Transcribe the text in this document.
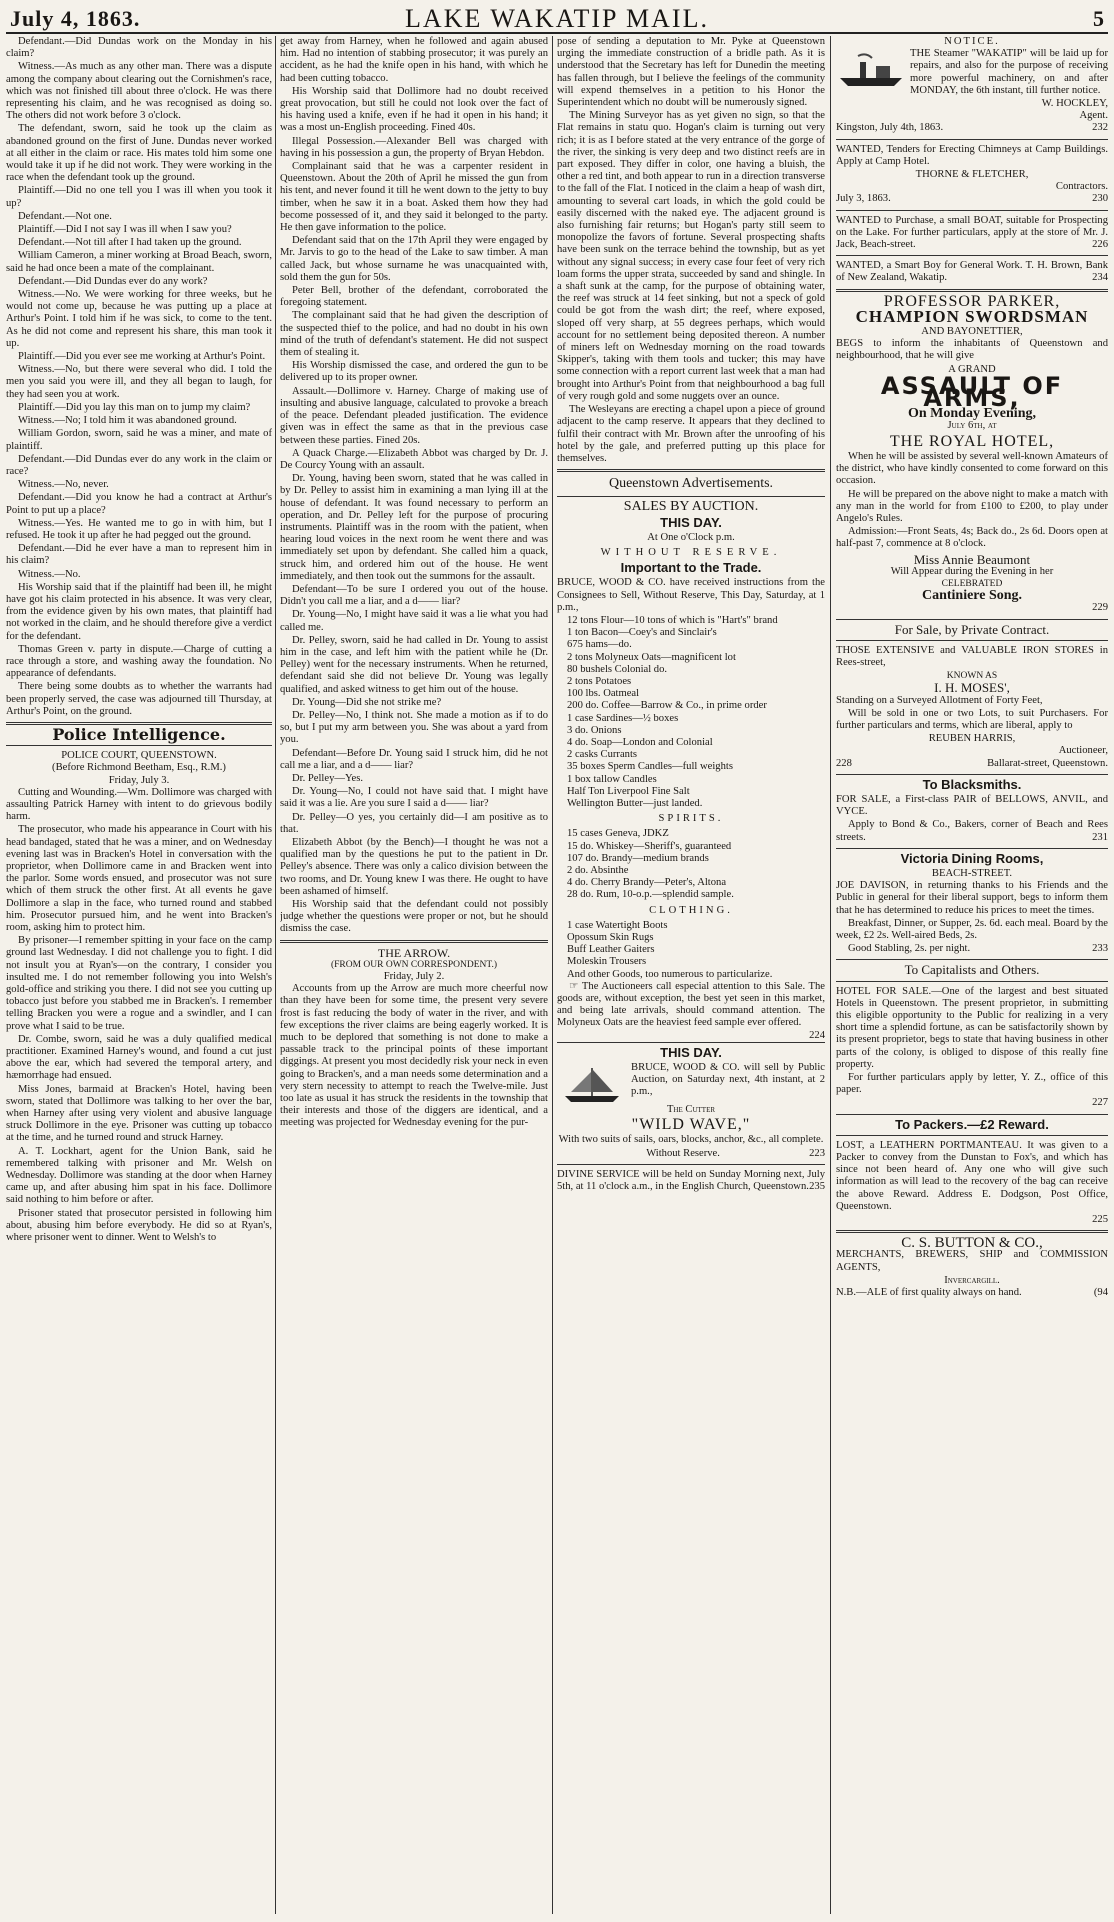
July 4, 1863.	LAKE WAKATIP MAIL.	5

Defendant.—Did Dundas work on the Monday in his claim?

Witness.—As much as any other man. There was a dispute among the company about clearing out the Cornishmen's race, which was not finished till about three o'clock. He was there representing his claim, and he was recognised as doing so. The others did not work before 3 o'clock.

The defendant, sworn, said he took up the claim as abandoned ground on the first of June. Dundas never worked at all either in the claim or race. His mates told him some one would take it up if he did not work. They were working in the race when the defendant took up the ground.

Plaintiff.—Did no one tell you I was ill when you took it up?

Defendant.—Not one.

Plaintiff.—Did I not say I was ill when I saw you?

Defendant.—Not till after I had taken up the ground.

William Cameron, a miner working at Broad Beach, sworn, said he had once been a mate of the complainant.

Defendant.—Did Dundas ever do any work?

Witness.—No. We were working for three weeks, but he would not come up, because he was putting up a place at Arthur's Point. I told him if he was sick, to come to the tent. As he did not come and represent his share, this man took it up.

Plaintiff.—Did you ever see me working at Arthur's Point.

Witness.—No, but there were several who did. I told the men you said you were ill, and they all began to laugh, for they had seen you at work.

Plaintiff.—Did you lay this man on to jump my claim?

Witness.—No; I told him it was abandoned ground.

William Gordon, sworn, said he was a miner, and mate of plaintiff.

Defendant.—Did Dundas ever do any work in the claim or race?

Witness.—No, never.

Defendant.—Did you know he had a contract at Arthur's Point to put up a place?

Witness.—Yes. He wanted me to go in with him, but I refused. He took it up after he had pegged out the ground.

Defendant.—Did he ever have a man to represent him in his claim?

Witness.—No.

His Worship said that if the plaintiff had been ill, he might have got his claim protected in his absence. It was very clear, from the evidence given by his own mates, that plaintiff had not worked in the claim, and he should therefore give a verdict for the defendant.

Thomas Green v. party in dispute.—Charge of cutting a race through a store, and washing away the foundation. No appearance of defendants.

There being some doubts as to whether the warrants had been properly served, the case was adjourned till Thursday, at Arthur's Point, on the ground.

Police Intelligence.
POLICE COURT, QUEENSTOWN.
(Before Richmond Beetham, Esq., R.M.)
Friday, July 3.

Cutting and Wounding.—Wm. Dollimore was charged with assaulting Patrick Harney with intent to do grievous bodily harm.

The prosecutor, who made his appearance in Court with his head bandaged, stated that he was a miner, and on Wednesday evening last was in Bracken's Hotel in conversation with the proprietor, when Dollimore came in and Bracken went into the parlor. Some words ensued, and prosecutor was not sure which of them struck the other first. At all events he gave Dollimore a slap in the face, who turned round and stabbed him. Prosecutor pursued him, and he went into Bracken's room, asking him to protect him.

By prisoner—I remember spitting in your face on the camp ground last Wednesday. I did not challenge you to fight. I did not insult you at Ryan's—on the contrary, I consider you insulted me. I do not remember following you into Welsh's gold-office and striking you there. I did not see you cutting up tobacco just before you stabbed me in Bracken's. I remember telling Bracken you were a rogue and a swindler, and I can prove what I said to be true.

Dr. Combe, sworn, said he was a duly qualified medical practitioner. Examined Harney's wound, and found a cut just above the ear, which had severed the temporal artery, and hæmorrhage had ensued.

Miss Jones, barmaid at Bracken's Hotel, having been sworn, stated that Dollimore was talking to her over the bar, when Harney after using very violent and abusive language struck Dollimore in the eye. Prisoner was cutting up tobacco at the time, and he turned round and struck Harney.

A. T. Lockhart, agent for the Union Bank, said he remembered talking with prisoner and Mr. Welsh on Wednesday. Dollimore was standing at the door when Harney came up, and after abusing him spat in his face. Dollimore said nothing to him before or after.

Prisoner stated that prosecutor persisted in following him about, abusing him before everybody. He did so at Ryan's, where prisoner went to dinner. Went to Welsh's to

get away from Harney, when he followed and again abused him. Had no intention of stabbing prosecutor; it was purely an accident, as he had the knife open in his hand, with which he had been cutting tobacco.

His Worship said that Dollimore had no doubt received great provocation, but still he could not look over the fact of his having used a knife, even if he had it open in his hand; it was a most un-English proceeding. Fined 40s.

Illegal Possession.—Alexander Bell was charged with having in his possession a gun, the property of Bryan Hebdon.

Complainant said that he was a carpenter resident in Queenstown. About the 20th of April he missed the gun from his tent, and never found it till he went down to the jetty to buy timber, when he saw it in a boat. Asked them how they had become possessed of it, and they said it belonged to the party. He then gave information to the police.

Defendant said that on the 17th April they were engaged by Mr. Jarvis to go to the head of the Lake to saw timber. A man called Jack, but whose surname he was unacquainted with, sold them the gun for 50s.

Peter Bell, brother of the defendant, corroborated the foregoing statement.

The complainant said that he had given the description of the suspected thief to the police, and had no doubt in his own mind of the truth of defendant's statement. He did not suspect them of stealing it.

His Worship dismissed the case, and ordered the gun to be delivered up to its proper owner.

Assault.—Dollimore v. Harney. Charge of making use of insulting and abusive language, calculated to provoke a breach of the peace. Defendant pleaded justification. The evidence given was in effect the same as that in the previous case between these parties. Fined 20s.

A Quack Charge.—Elizabeth Abbot was charged by Dr. J. De Courcy Young with an assault.

Dr. Young, having been sworn, stated that he was called in by Dr. Pelley to assist him in examining a man lying ill at the house of defendant. It was found necessary to perform an operation, and Dr. Pelley left for the purpose of procuring instruments. Plaintiff was in the room with the patient, when hearing loud voices in the next room he went there and was immediately set upon by defendant. She called him a quack, struck him, and ordered him out of the house. He went immediately, and then took out the summons for the assault.

Defendant—To be sure I ordered you out of the house. Didn't you call me a liar, and a d—— liar?

Dr. Young—No, I might have said it was a lie what you had called me.

Dr. Pelley, sworn, said he had called in Dr. Young to assist him in the case, and left him with the patient while he (Dr. Pelley) went for the necessary instruments. When he returned, defendant said she did not believe Dr. Young was legally qualified, and asked witness to get him out of the house.

Dr. Young—Did she not strike me?

Dr. Pelley—No, I think not. She made a motion as if to do so, but I put my arm between you. She was about a yard from you.

Defendant—Before Dr. Young said I struck him, did he not call me a liar, and a d—— liar?

Dr. Pelley—Yes.

Dr. Young—No, I could not have said that. I might have said it was a lie. Are you sure I said a d—— liar?

Dr. Pelley—O yes, you certainly did—I am positive as to that.

Elizabeth Abbot (by the Bench)—I thought he was not a qualified man by the questions he put to the patient in Dr. Pelley's absence. There was only a calico division between the two rooms, and Dr. Young knew I was there. He ought to have been ashamed of himself.

His Worship said that the defendant could not possibly judge whether the questions were proper or not, but he should dismiss the case.

THE ARROW.
(FROM OUR OWN CORRESPONDENT.)
Friday, July 2.

Accounts from up the Arrow are much more cheerful now than they have been for some time, the present very severe frost is fast reducing the body of water in the river, and with few exceptions the river claims are being eagerly worked. It is much to be deplored that something is not done to make a passable track to the principal points of these important diggings. At present you most decidedly risk your neck in even going to Bracken's, and a man needs some determination and a very stern necessity to attempt to reach the Twelve-mile. Just too late as usual it has struck the residents in the township that their interests and those of the diggers are identical, and a meeting was projected for Wednesday evening for the pur-

pose of sending a deputation to Mr. Pyke at Queenstown urging the immediate construction of a bridle path. As it is understood that the Secretary has left for Dunedin the meeting has fallen through, but I believe the feelings of the community will expend themselves in a petition to his Honor the Superintendent which no doubt will be numerously signed.

The Mining Surveyor has as yet given no sign, so that the Flat remains in statu quo. Hogan's claim is turning out very rich; it is as I before stated at the very entrance of the gorge of the river, the sinking is very deep and two distinct reefs are in part exposed. They differ in color, one having a bluish, the other a red tint, and both appear to run in a direction transverse to the fall of the Flat. I noticed in the claim a heap of wash dirt, amounting to several cart loads, in which the gold could be easily discerned with the naked eye. The adjacent ground is also furnishing fair returns; but Hogan's party still seem to monopolize the favors of fortune. Several prospecting shafts have been sunk on the terrace behind the township, but as yet without any signal success; in every case four feet of very rich loam forms the upper strata, succeeded by sand and shingle. In a shaft sunk at the camp, for the purpose of obtaining water, the reef was struck at 14 feet sinking, but not a speck of gold could be got from the wash dirt; the reef, where exposed, sloped off very sharp, at 55 degrees perhaps, which would account for no settlement being deposited thereon. A number of miners left on Wednesday morning on the road towards Skipper's, taking with them tools and tucker; this may have some connection with a report current last week that a man had brought into Arthur's Point from that neighbourhood a bag full of very rough gold and some nuggets over an ounce.

The Wesleyans are erecting a chapel upon a piece of ground adjacent to the camp reserve. It appears that they declined to fulfil their contract with Mr. Brown after the unroofing of his hotel by the gale, and preferred putting up this place for themselves.

Queenstown Advertisements.
SALES BY AUCTION.
THIS DAY.
At One o'Clock p.m.
WITHOUT RESERVE.
Important to the Trade.

BRUCE, WOOD & CO. have received instructions from the Consignees to Sell, Without Reserve, This Day, Saturday, at 1 p.m.,

12 tons Flour—10 tons of which is "Hart's" brand
1 ton Bacon—Coey's and Sinclair's
675 hams—do.
2 tons Molyneux Oats—magnificent lot
80 bushels Colonial do.
2 tons Potatoes
100 lbs. Oatmeal
200 do. Coffee—Barrow & Co., in prime order
1 case Sardines—½ boxes
3 do. Onions
4 do. Soap—London and Colonial
2 casks Currants
35 boxes Sperm Candles—full weights
1 box tallow Candles
Half Ton Liverpool Fine Salt
Wellington Butter—just landed.
SPIRITS.
15 cases Geneva, JDKZ
15 do. Whiskey—Sheriff's, guaranteed
107 do. Brandy—medium brands
2 do. Absinthe
4 do. Cherry Brandy—Peter's, Altona
28 do. Rum, 10-o.p.—splendid sample.
CLOTHING.
1 case Watertight Boots
Opossum Skin Rugs
Buff Leather Gaiters
Moleskin Trousers
And other Goods, too numerous to particularize.

☞ The Auctioneers call especial attention to this Sale. The goods are, without exception, the best yet seen in this market, and being late arrivals, should command attention. The Molyneux Oats are the heaviest feed sample ever offered.
224

THIS DAY.

BRUCE, WOOD & CO. will sell by Public Auction, on Saturday next, 4th instant, at 2 p.m.,

The Cutter
"WILD WAVE,"

With two suits of sails, oars, blocks, anchor, &c., all complete.

Without Reserve.	223

DIVINE SERVICE will be held on Sunday Morning next, July 5th, at 11 o'clock a.m., in the English Church, Queenstown. 235

NOTICE.

THE Steamer "WAKATIP" will be laid up for repairs, and also for the purpose of receiving more powerful machinery, on and after MONDAY, the 6th instant, till further notice.

W. HOCKLEY,
Agent.
Kingston, July 4th, 1863.	232

WANTED, Tenders for Erecting Chimneys at Camp Buildings. Apply at Camp Hotel.

THORNE & FLETCHER,
Contractors.
July 3, 1863.	230

WANTED to Purchase, a small BOAT, suitable for Prospecting on the Lake. For further particulars, apply at the store of Mr. J. Jack, Beach-street.	226

WANTED, a Smart Boy for General Work. T. H. Brown, Bank of New Zealand, Wakatip.	234

PROFESSOR PARKER,
CHAMPION SWORDSMAN
AND BAYONETTIER,

BEGS to inform the inhabitants of Queenstown and neighbourhood, that he will give

A GRAND
ASSAULT OF ARMS,
On Monday Evening,
July 6th, at
THE ROYAL HOTEL,

When he will be assisted by several well-known Amateurs of the district, who have kindly consented to come forward on this occasion.

He will be prepared on the above night to make a match with any man in the world for from £100 to £200, to play under Angelo's Rules.

Admission:—Front Seats, 4s; Back do., 2s 6d. Doors open at half-past 7, commence at 8 o'clock.

Miss Annie Beaumont
Will Appear during the Evening in her
CELEBRATED
Cantiniere Song.
229
For Sale, by Private Contract.

THOSE EXTENSIVE and VALUABLE IRON STORES in Rees-street,

KNOWN AS
I. H. MOSES',

Standing on a Surveyed Allotment of Forty Feet,

Will be sold in one or two Lots, to suit Purchasers. For further particulars and terms, which are liberal, apply to

REUBEN HARRIS,
Auctioneer,
228	Ballarat-street, Queenstown.
To Blacksmiths.

FOR SALE, a First-class PAIR of BELLOWS, ANVIL, and VYCE.

Apply to Bond & Co., Bakers, corner of Beach and Rees streets.	231

Victoria Dining Rooms,
BEACH-STREET.

JOE DAVISON, in returning thanks to his Friends and the Public in general for their liberal support, begs to inform them that he has determined to reduce his prices to meet the times.

Breakfast, Dinner, or Supper, 2s. 6d. each meal. Board by the week, £2 2s. Well-aired Beds, 2s.

Good Stabling, 2s. per night.	233

To Capitalists and Others.

HOTEL FOR SALE.—One of the largest and best situated Hotels in Queenstown. The present proprietor, in submitting this eligible opportunity to the Public for realizing in a very short time a splendid fortune, as can be satisfactorily shown by its present proprietor, begs to state that having business in other parts of the colony, is obliged to dispose of this really fine property.

For further particulars apply by letter, Y. Z., office of this paper.

227
To Packers.—£2 Reward.

LOST, a LEATHERN PORTMANTEAU. It was given to a Packer to convey from the Dunstan to Fox's, and which has since not been heard of. Any one who will give such information as will lead to the recovery of the bag can receive the above Reward. Address E. Dodgson, Post Office, Queenstown.

225
C. S. BUTTON & CO.,

MERCHANTS, BREWERS, SHIP and COMMISSION AGENTS,

Invercargill.

N.B.—ALE of first quality always on hand.	(94
